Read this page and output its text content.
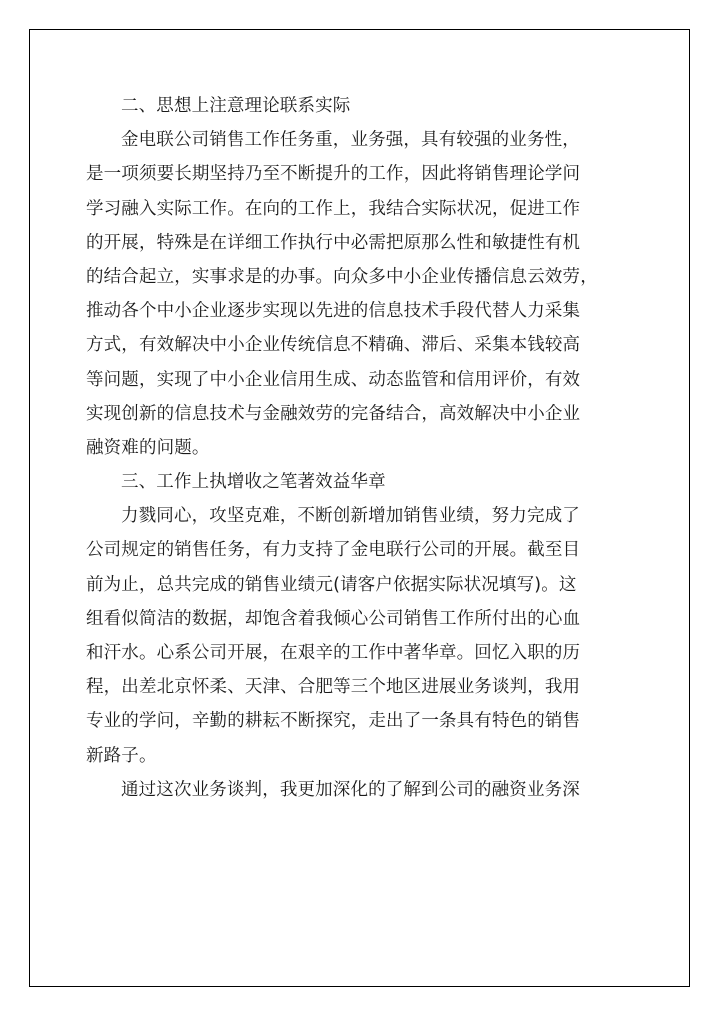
二、思想上注意理论联系实际
金电联公司销售工作任务重，业务强，具有较强的业务性，
是一项须要长期坚持乃至不断提升的工作，因此将销售理论学问
学习融入实际工作。在向的工作上，我结合实际状况，促进工作
的开展，特殊是在详细工作执行中必需把原那么性和敏捷性有机
的结合起立，实事求是的办事。向众多中小企业传播信息云效劳，
推动各个中小企业逐步实现以先进的信息技术手段代替人力采集
方式，有效解决中小企业传统信息不精确、滞后、采集本钱较高
等问题，实现了中小企业信用生成、动态监管和信用评价，有效
实现创新的信息技术与金融效劳的完备结合，高效解决中小企业
融资难的问题。
三、工作上执增收之笔著效益华章
力戮同心，攻坚克难，不断创新增加销售业绩，努力完成了
公司规定的销售任务，有力支持了金电联行公司的开展。截至目
前为止，总共完成的销售业绩元(请客户依据实际状况填写)。这
组看似简洁的数据，却饱含着我倾心公司销售工作所付出的心血
和汗水。心系公司开展，在艰辛的工作中著华章。回忆入职的历
程，出差北京怀柔、天津、合肥等三个地区进展业务谈判，我用
专业的学问，辛勤的耕耘不断探究，走出了一条具有特色的销售
新路子。
通过这次业务谈判，我更加深化的了解到公司的融资业务深
